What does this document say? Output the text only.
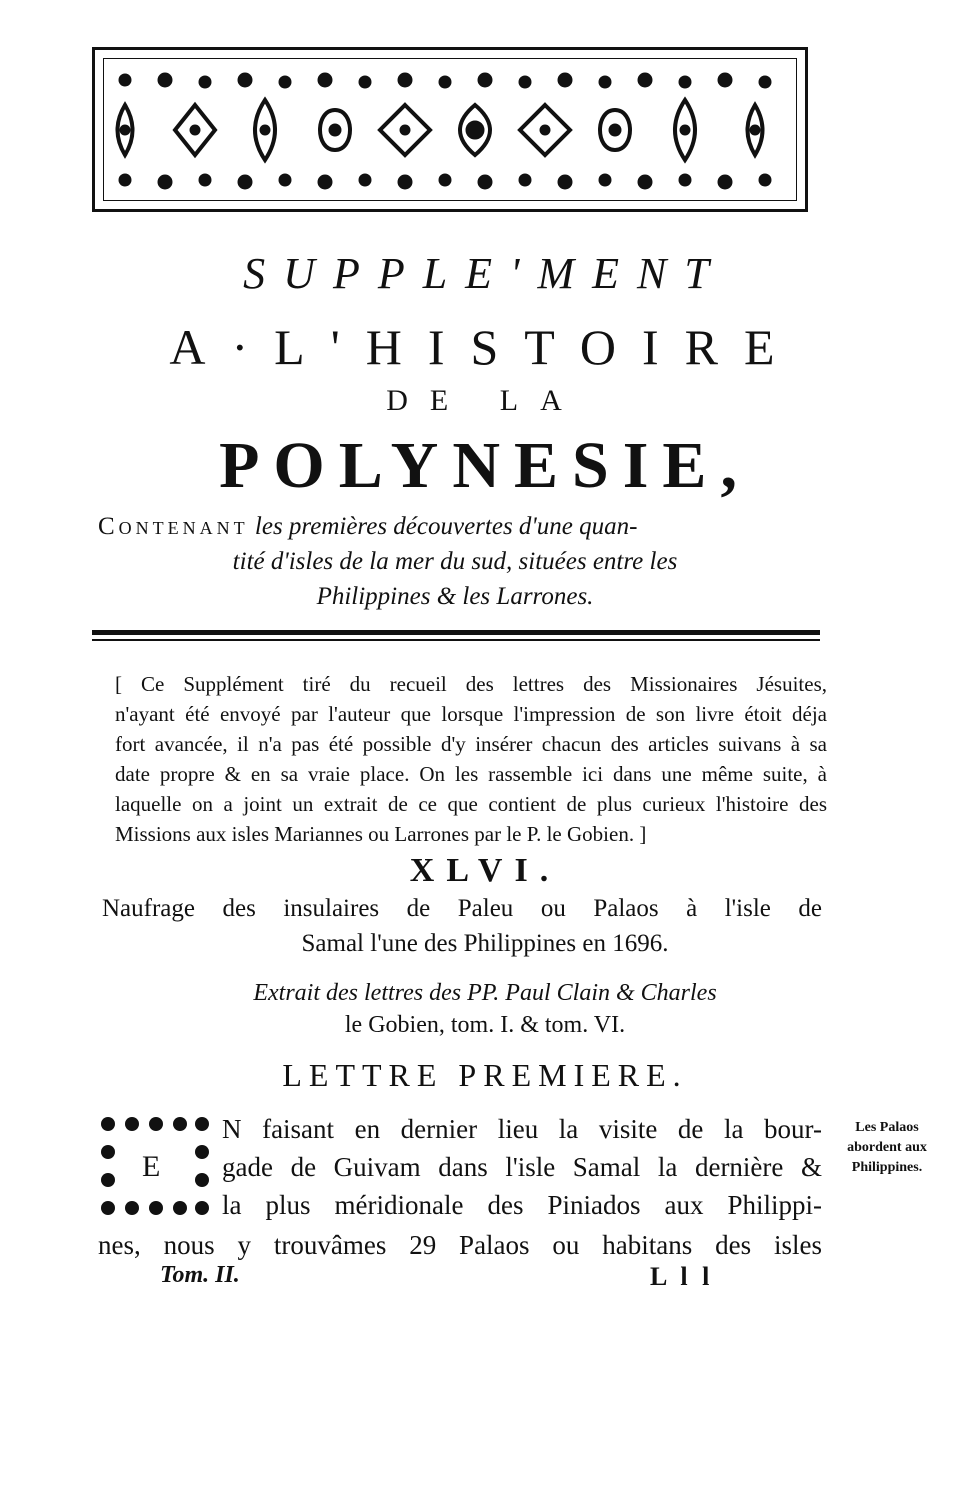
SUPPLE'MENT
A·L'HISTOIRE
DE LA
POLYNESIE,
Contenant les premières découvertes d'une quan-
tité d'isles de la mer du sud, situées entre les
Philippines & les Larrones.
[ Ce Supplément tiré du recueil des lettres des Missionaires Jésuites,
n'ayant été envoyé par l'auteur que lorsque l'impression de son livre étoit déja
fort avancée, il n'a pas été possible d'y insérer chacun des articles suivans à sa
date propre & en sa vraie place. On les rassemble ici dans une même suite, à
laquelle on a joint un extrait de ce que contient de plus curieux l'histoire des
Missions aux isles Mariannes ou Larrones par le P. le Gobien. ]
XLVI.
Naufrage des insulaires de Paleu ou Palaos à l'isle de
Samal l'une des Philippines en 1696.
Extrait des lettres des PP. Paul Clain & Charles
le Gobien, tom. I. & tom. VI.
LETTRE PREMIERE.
E
N faisant en dernier lieu la visite de la bour-
gade de Guivam dans l'isle Samal la dernière &
la plus méridionale des Piniados aux Philippi-
nes, nous y trouvâmes 29 Palaos ou habitans des isles
Les Palaos
abordent aux
Philippines.
Tom. II.	L l l
